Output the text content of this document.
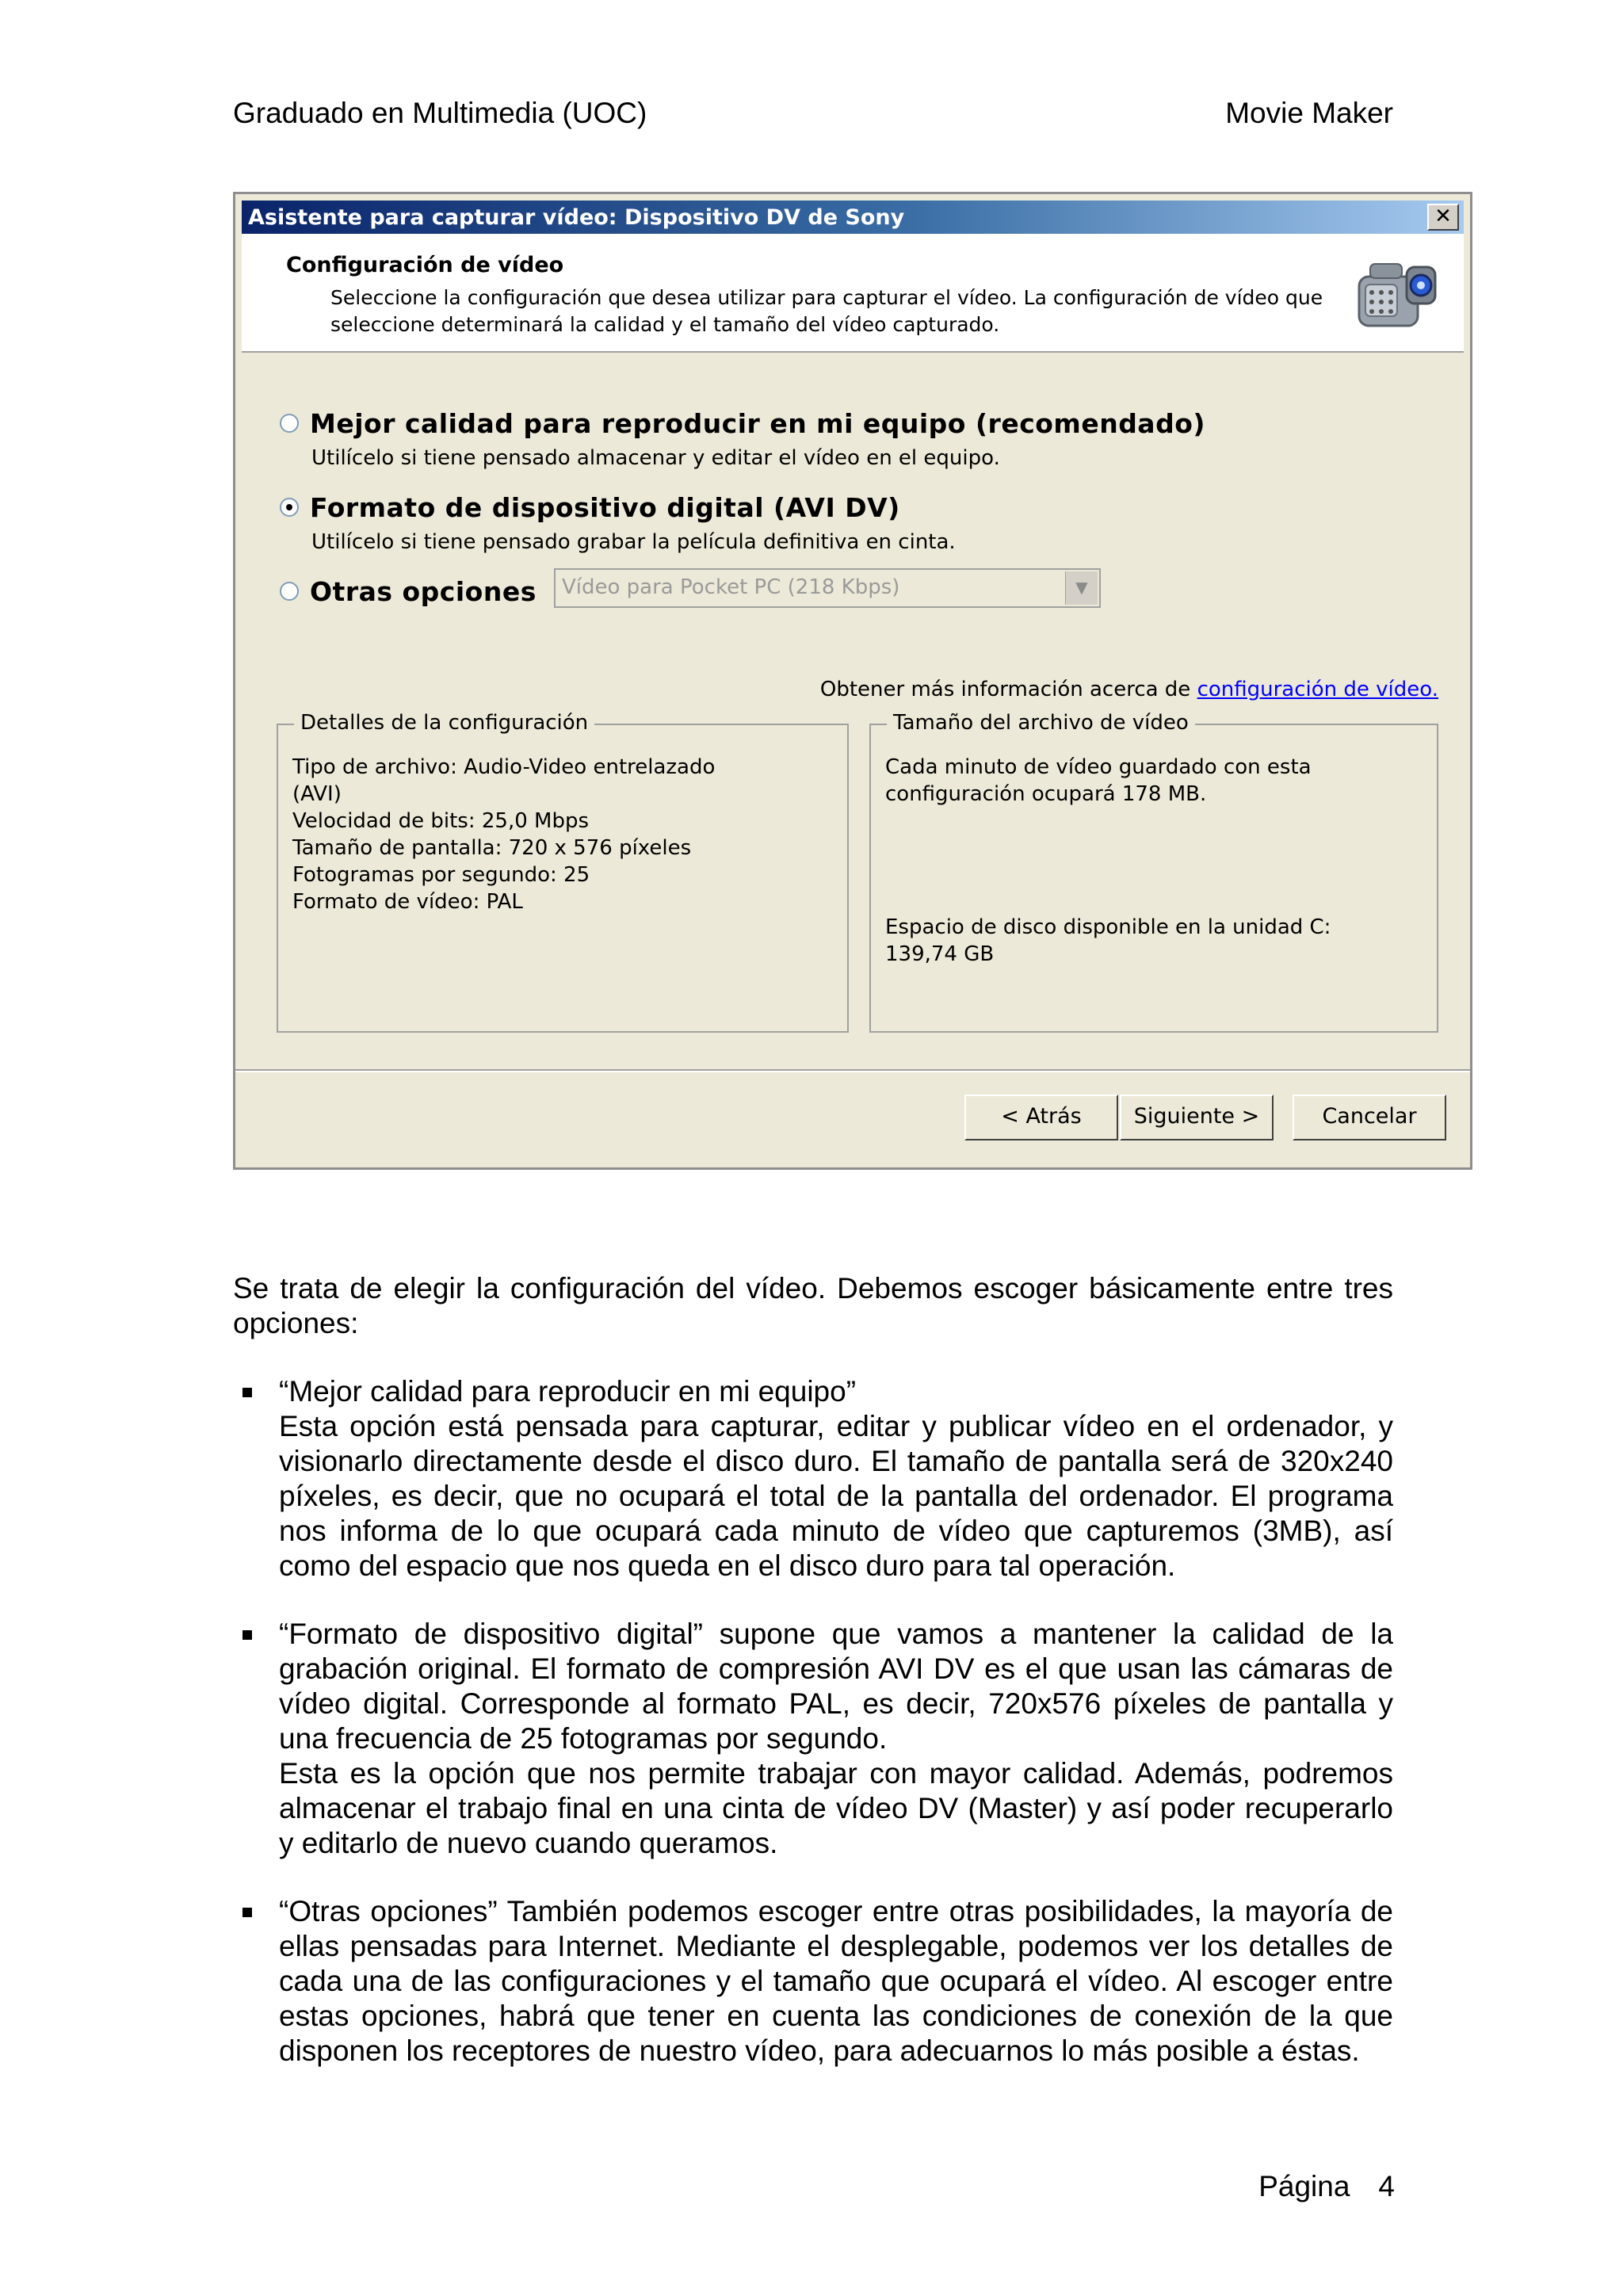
Graduado en Multimedia (UOC)	Movie Maker
Asistente para capturar vídeo: Dispositivo DV de Sony	✕
Configuración de vídeo
Seleccione la configuración que desea utilizar para capturar el vídeo. La configuración de vídeo que
seleccione determinará la calidad y el tamaño del vídeo capturado.
Mejor calidad para reproducir en mi equipo (recomendado)
Utilícelo si tiene pensado almacenar y editar el vídeo en el equipo.
Formato de dispositivo digital (AVI DV)
Utilícelo si tiene pensado grabar la película definitiva en cinta.
Otras opciones	Vídeo para Pocket PC (218 Kbps)	▼
Obtener más información acerca de configuración de vídeo.
Detalles de la configuración
Tipo de archivo: Audio-Video entrelazado
(AVI)
Velocidad de bits: 25,0 Mbps
Tamaño de pantalla: 720 x 576 píxeles
Fotogramas por segundo: 25
Formato de vídeo: PAL
Tamaño del archivo de vídeo
Cada minuto de vídeo guardado con esta
configuración ocupará 178 MB.
Espacio de disco disponible en la unidad C:
139,74 GB
< Atrás	Siguiente >	Cancelar
Se trata de elegir la configuración del vídeo. Debemos escoger básicamente entre tres opciones:

“Mejor calidad para reproducir en mi equipo”

Esta opción está pensada para capturar, editar y publicar vídeo en el ordenador, y visionarlo directamente desde el disco duro. El tamaño de pantalla será de 320x240 píxeles, es decir, que no ocupará el total de la pantalla del ordenador. El programa nos informa de lo que ocupará cada minuto de vídeo que capturemos (3MB), así como del espacio que nos queda en el disco duro para tal operación.

“Formato de dispositivo digital” supone que vamos a mantener la calidad de la grabación original. El formato de compresión AVI DV es el que usan las cámaras de vídeo digital. Corresponde al formato PAL, es decir, 720x576 píxeles de pantalla y una frecuencia de 25 fotogramas por segundo.

Esta es la opción que nos permite trabajar con mayor calidad. Además, podremos almacenar el trabajo final en una cinta de vídeo DV (Master) y así poder recuperarlo y editarlo de nuevo cuando queramos.

“Otras opciones” También podemos escoger entre otras posibilidades, la mayoría de ellas pensadas para Internet. Mediante el desplegable, podemos ver los detalles de cada una de las configuraciones y el tamaño que ocupará el vídeo. Al escoger entre estas opciones, habrá que tener en cuenta las condiciones de conexión de la que disponen los receptores de nuestro vídeo, para adecuarnos lo más posible a éstas.

Página 4
